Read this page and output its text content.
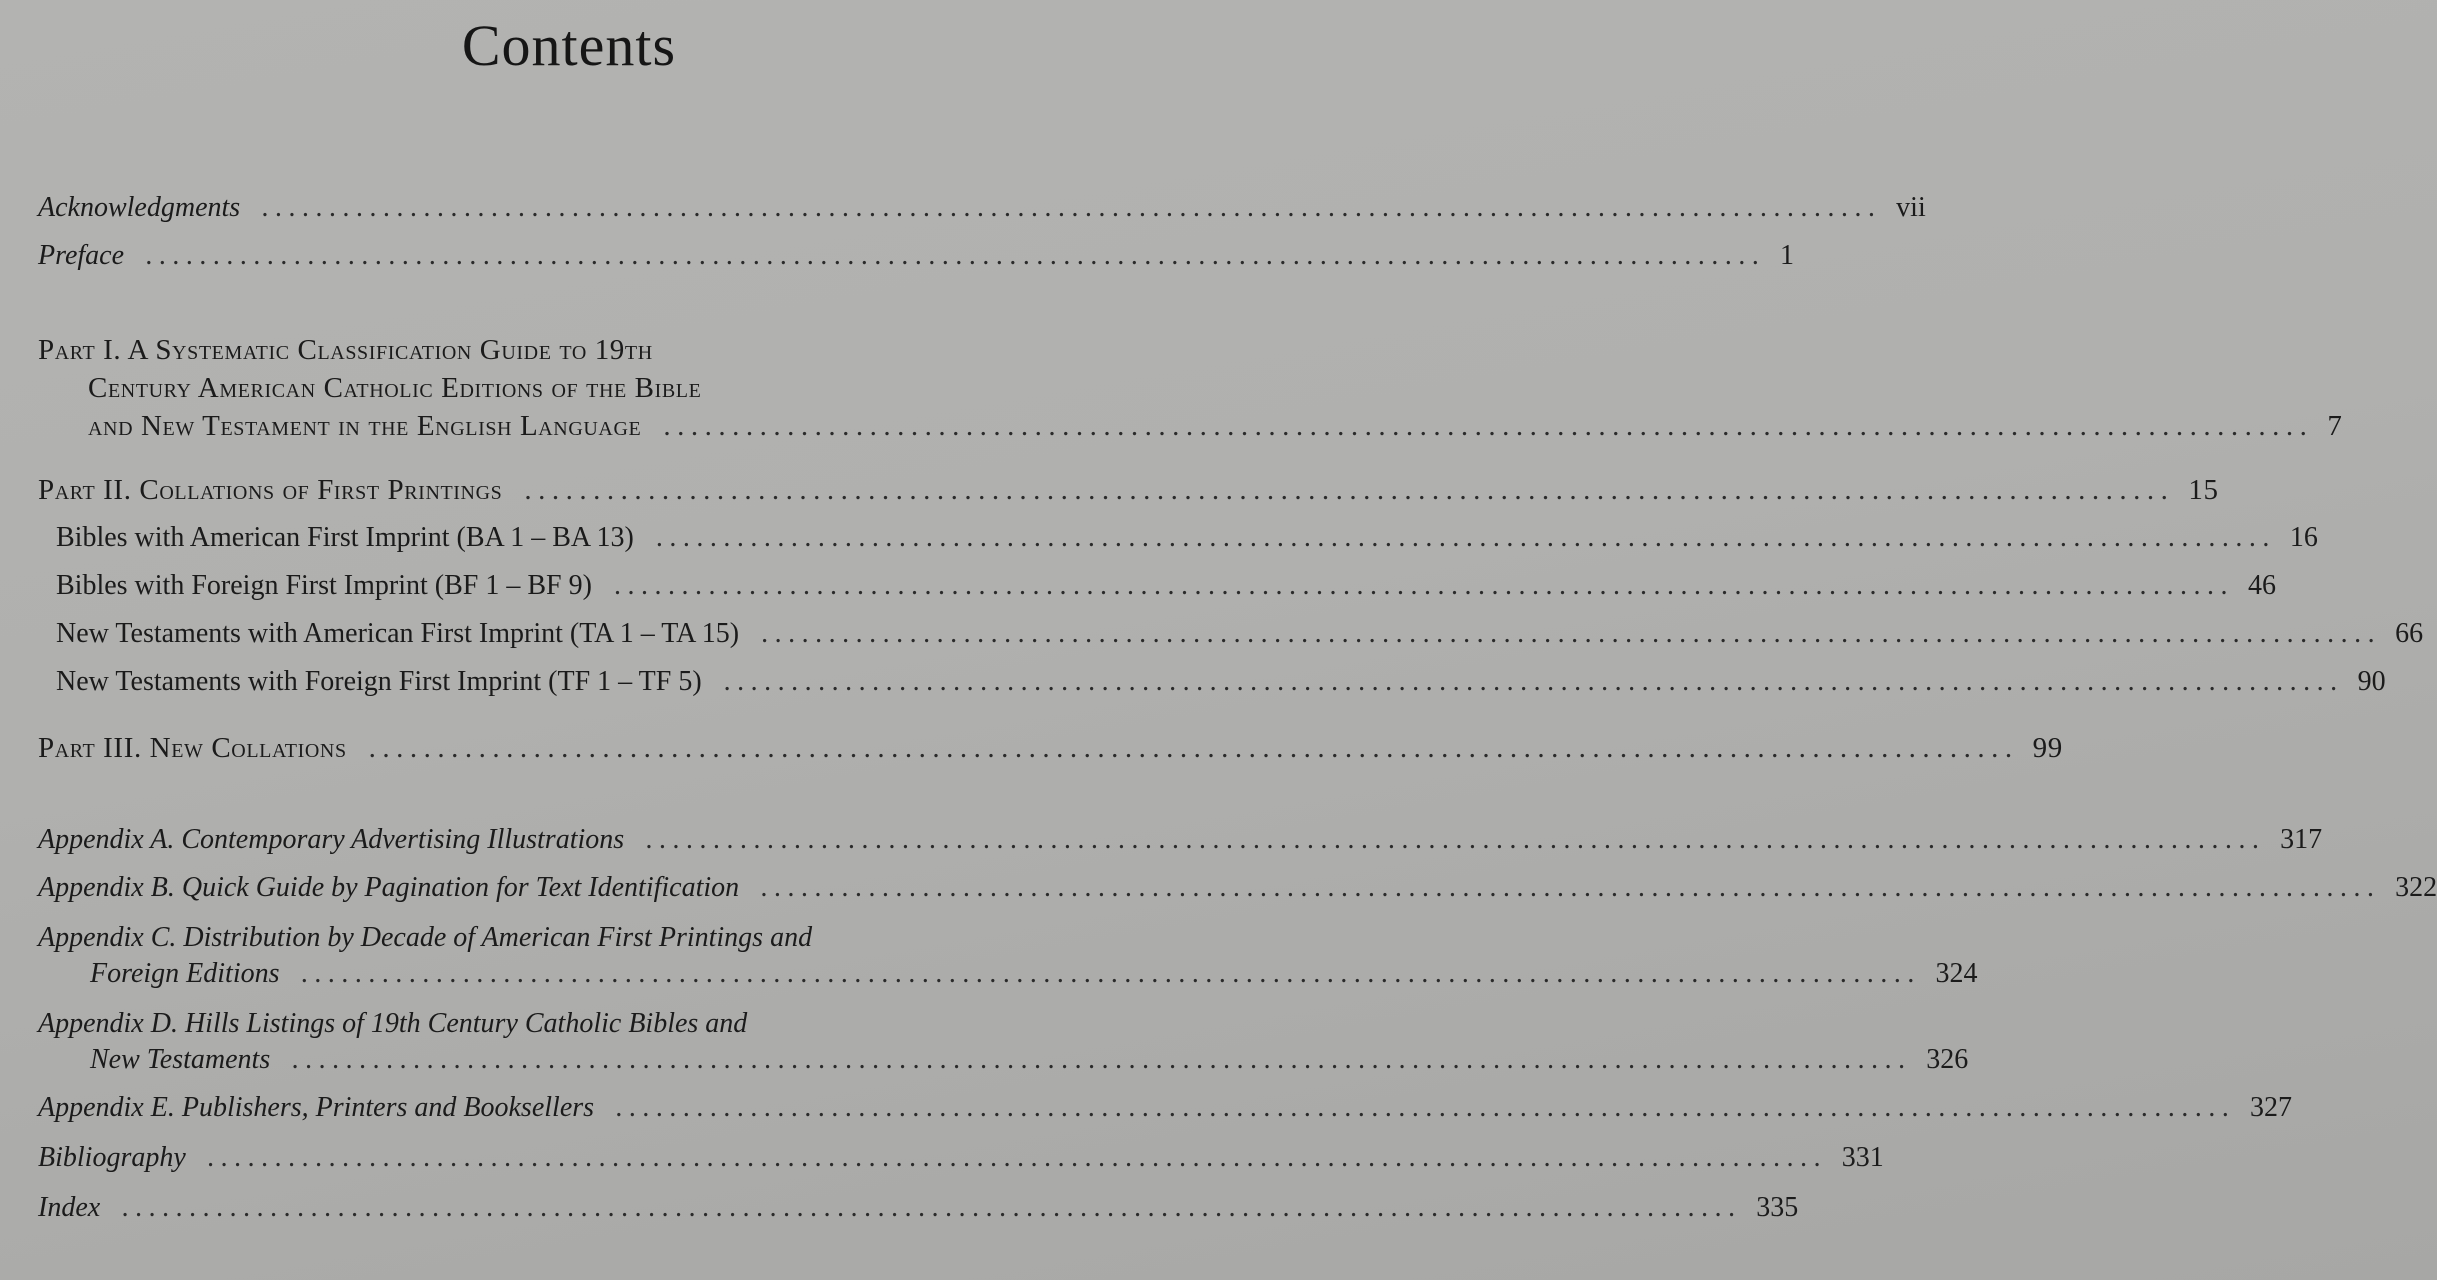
Contents
Acknowledgments ........................................................................................................................ vii
Preface ........................................................................................................................ 1
Part I. A Systematic Classification Guide to 19th
Century American Catholic Editions of the Bible
and New Testament in the English Language ........................................................................................................................ 7
Part II. Collations of First Printings ........................................................................................................................ 15
Bibles with American First Imprint (BA 1 – BA 13) ........................................................................................................................ 16
Bibles with Foreign First Imprint (BF 1 – BF 9) ........................................................................................................................ 46
New Testaments with American First Imprint (TA 1 – TA 15) ........................................................................................................................ 66
New Testaments with Foreign First Imprint (TF 1 – TF 5) ........................................................................................................................ 90
Part III. New Collations ........................................................................................................................ 99
Appendix A. Contemporary Advertising Illustrations ........................................................................................................................ 317
Appendix B. Quick Guide by Pagination for Text Identification ........................................................................................................................ 322
Appendix C. Distribution by Decade of American First Printings and
Foreign Editions ........................................................................................................................ 324
Appendix D. Hills Listings of 19th Century Catholic Bibles and
New Testaments ........................................................................................................................ 326
Appendix E. Publishers, Printers and Booksellers ........................................................................................................................ 327
Bibliography ........................................................................................................................ 331
Index ........................................................................................................................ 335
